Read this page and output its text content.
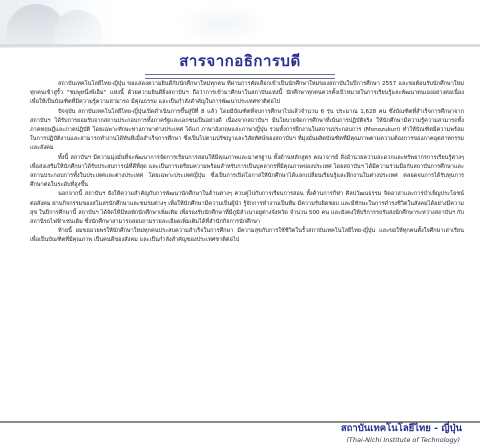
สารจากอธิการบดี

สถาบันเทคโนโลยีไทย-ญี่ปุ่น ขอแสดงความยินดีกับนักศึกษาใหม่ทุกคน ที่ผ่านการคัดเลือกเข้าเป็นนักศึกษาใหม่ของสถาบันในปีการศึกษา 2557 และขอต้อนรับนักศึกษาใหม่ทุกคนเข้าสู่รั้ว "ชมพูหนึ่งพีเอ็ม" แห่งนี้ ด้วยความยินดียิ่งสถาบันฯ ถือว่าการเข้ามาศึกษาในสถาบันแห่งนี้ นักศึกษาทุกคนควรตั้งเป้าหมายในการเรียนรู้และพัฒนาตนเองอย่างต่อเนื่อง เพื่อให้เป็นบัณฑิตที่มีความรู้ความสามารถ มีคุณธรรม และเป็นกำลังสำคัญในการพัฒนาประเทศชาติต่อไป

ปัจจุบัน สถาบันเทคโนโลยีไทย-ญี่ปุ่นเปิดดำเนินการขึ้นสู่ปีที่ 8 แล้ว โดยมีบัณฑิตที่จบการศึกษาไปแล้วจำนวน 6 รุ่น ประมาณ 1,628 คน ซึ่งบัณฑิตที่สำเร็จการศึกษาจากสถาบันฯ ได้รับการยอมรับจากสถานประกอบการทั้งภาครัฐและเอกชนเป็นอย่างดี เนื่องจากสถาบันฯ มีนโยบายจัดการศึกษาที่เน้นการปฏิบัติจริง ให้นักศึกษามีความรู้ความสามารถทั้งภาคทฤษฎีและภาคปฏิบัติ โดยเฉพาะทักษะทางภาษาต่างประเทศ ได้แก่ ภาษาอังกฤษและภาษาญี่ปุ่น รวมทั้งการฝึกงานในสถานประกอบการ (Monozukuri) ทำให้บัณฑิตมีความพร้อมในการปฏิบัติงานและสามารถทำงานได้ทันทีเมื่อสำเร็จการศึกษา ซึ่งเป็นไปตามปรัชญาและวิสัยทัศน์ของสถาบันฯ ที่มุ่งมั่นผลิตบัณฑิตที่มีคุณภาพตามความต้องการของภาคอุตสาหกรรมและสังคม

ทั้งนี้ สถาบันฯ มีความมุ่งมั่นที่จะพัฒนาการจัดการเรียนการสอนให้มีคุณภาพและมาตรฐาน ทั้งด้านหลักสูตร คณาจารย์ สิ่งอำนวยความสะดวกและทรัพยากรการเรียนรู้ต่างๆ เพื่อส่งเสริมให้นักศึกษาได้รับประสบการณ์ที่ดีที่สุด และเป็นการเตรียมความพร้อมสำหรับการเป็นบุคลากรที่มีคุณภาพของประเทศ โดยสถาบันฯ ได้มีความร่วมมือกับสถาบันการศึกษาและสถานประกอบการทั้งในประเทศและต่างประเทศ โดยเฉพาะประเทศญี่ปุ่น ซึ่งเป็นการเปิดโอกาสให้นักศึกษาได้แลกเปลี่ยนเรียนรู้และฝึกงานในต่างประเทศ ตลอดจนการได้รับทุนการศึกษาต่อในระดับที่สูงขึ้น

นอกจากนี้ สถาบันฯ ยังให้ความสำคัญกับการพัฒนานักศึกษาในด้านต่างๆ ควบคู่ไปกับการเรียนการสอน ทั้งด้านการกีฬา ศิลปวัฒนธรรม จิตอาสาและการบำเพ็ญประโยชน์ต่อสังคม ผ่านกิจกรรมของสโมสรนักศึกษาและชมรมต่างๆ เพื่อให้นักศึกษามีความเป็นผู้นำ รู้จักการทำงานเป็นทีม มีความรับผิดชอบ และมีทักษะในการดำรงชีวิตในสังคมได้อย่างมีความสุข ในปีการศึกษานี้ สถาบันฯ ได้จัดให้มีหอพักนักศึกษาเพิ่มเติม เพื่อรองรับนักศึกษาที่มีภูมิลำเนาอยู่ต่างจังหวัด จำนวน 500 คน และยังคงให้บริการรถรับส่งนักศึกษาระหว่างสถาบันฯ กับสถานีรถไฟฟ้าเช่นเดิม ซึ่งนักศึกษาสามารถสอบถามรายละเอียดเพิ่มเติมได้ที่สำนักกิจการนักศึกษา

ท้ายนี้ ผมขออวยพรให้นักศึกษาใหม่ทุกคนประสบความสำเร็จในการศึกษา มีความสุขกับการใช้ชีวิตในรั้วสถาบันเทคโนโลยีไทย-ญี่ปุ่น และขอให้ทุกคนตั้งใจศึกษาเล่าเรียน เพื่อเป็นบัณฑิตที่มีคุณภาพ เป็นคนดีของสังคม และเป็นกำลังสำคัญของประเทศชาติต่อไป

สถาบันเทคโนโลยีไทย - ญี่ปุ่น
(Thai-Nichi Institute of Technology)
